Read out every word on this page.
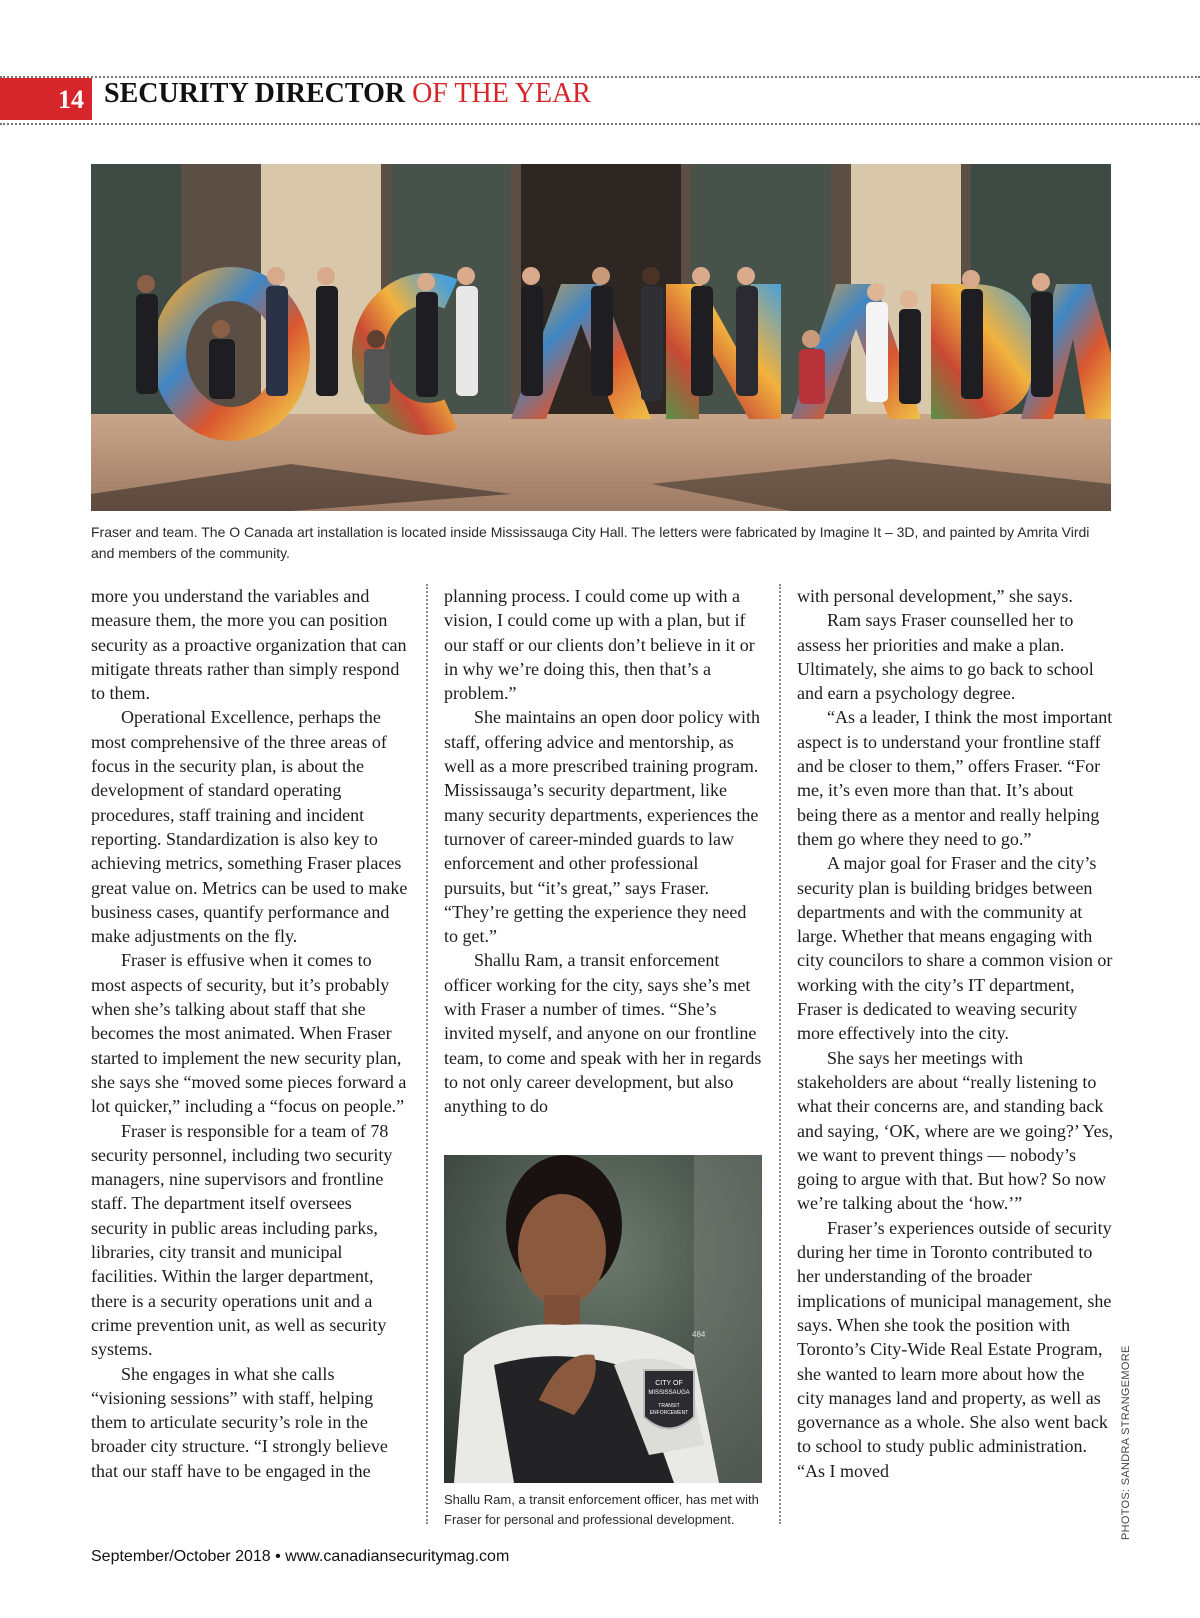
14 SECURITY DIRECTOR OF THE YEAR
Fraser and team. The O Canada art installation is located inside Mississauga City Hall. The letters were fabricated by Imagine It – 3D, and painted by Amrita Virdi and members of the community.

more you understand the variables and measure them, the more you can position security as a proactive organization that can mitigate threats rather than simply respond to them.

Operational Excellence, perhaps the most comprehensive of the three areas of focus in the security plan, is about the development of standard operating procedures, staff training and incident reporting. Standardization is also key to achieving metrics, something Fraser places great value on. Metrics can be used to make business cases, quantify performance and make adjustments on the fly.

Fraser is effusive when it comes to most aspects of security, but it’s probably when she’s talking about staff that she becomes the most animated. When Fraser started to implement the new security plan, she says she “moved some pieces forward a lot quicker,” including a “focus on people.”

Fraser is responsible for a team of 78 security personnel, including two security managers, nine supervisors and frontline staff. The department itself oversees security in public areas including parks, libraries, city transit and municipal facilities. Within the larger department, there is a security operations unit and a crime prevention unit, as well as security systems.

She engages in what she calls “visioning sessions” with staff, helping them to articulate security’s role in the broader city structure. “I strongly believe that our staff have to be engaged in the

planning process. I could come up with a vision, I could come up with a plan, but if our staff or our clients don’t believe in it or in why we’re doing this, then that’s a problem.”

She maintains an open door policy with staff, offering advice and mentorship, as well as a more prescribed training program. Mississauga’s security department, like many security departments, experiences the turnover of career-minded guards to law enforcement and other professional pursuits, but “it’s great,” says Fraser. “They’re getting the experience they need to get.”

Shallu Ram, a transit enforcement officer working for the city, says she’s met with Fraser a number of times. “She’s invited myself, and anyone on our frontline team, to come and speak with her in regards to not only career development, but also anything to do

CITY OF
MISSISSAUGA
TRANSIT
ENFORCEMENT
484
Shallu Ram, a transit enforcement officer, has met with Fraser for personal and professional development.

with personal development,” she says.

Ram says Fraser counselled her to assess her priorities and make a plan. Ultimately, she aims to go back to school and earn a psychology degree.

“As a leader, I think the most important aspect is to understand your frontline staff and be closer to them,” offers Fraser. “For me, it’s even more than that. It’s about being there as a mentor and really helping them go where they need to go.”

A major goal for Fraser and the city’s security plan is building bridges between departments and with the community at large. Whether that means engaging with city councilors to share a common vision or working with the city’s IT department, Fraser is dedicated to weaving security more effectively into the city.

She says her meetings with stakeholders are about “really listening to what their concerns are, and standing back and saying, ‘OK, where are we going?’ Yes, we want to prevent things — nobody’s going to argue with that. But how? So now we’re talking about the ‘how.’”

Fraser’s experiences outside of security during her time in Toronto contributed to her understanding of the broader implications of municipal management, she says. When she took the position with Toronto’s City-Wide Real Estate Program, she wanted to learn more about how the city manages land and property, as well as governance as a whole. She also went back to school to study public administration. “As I moved	PHOTOS: SANDRA STRANGEMORE
September/October 2018 • www.canadiansecuritymag.com
